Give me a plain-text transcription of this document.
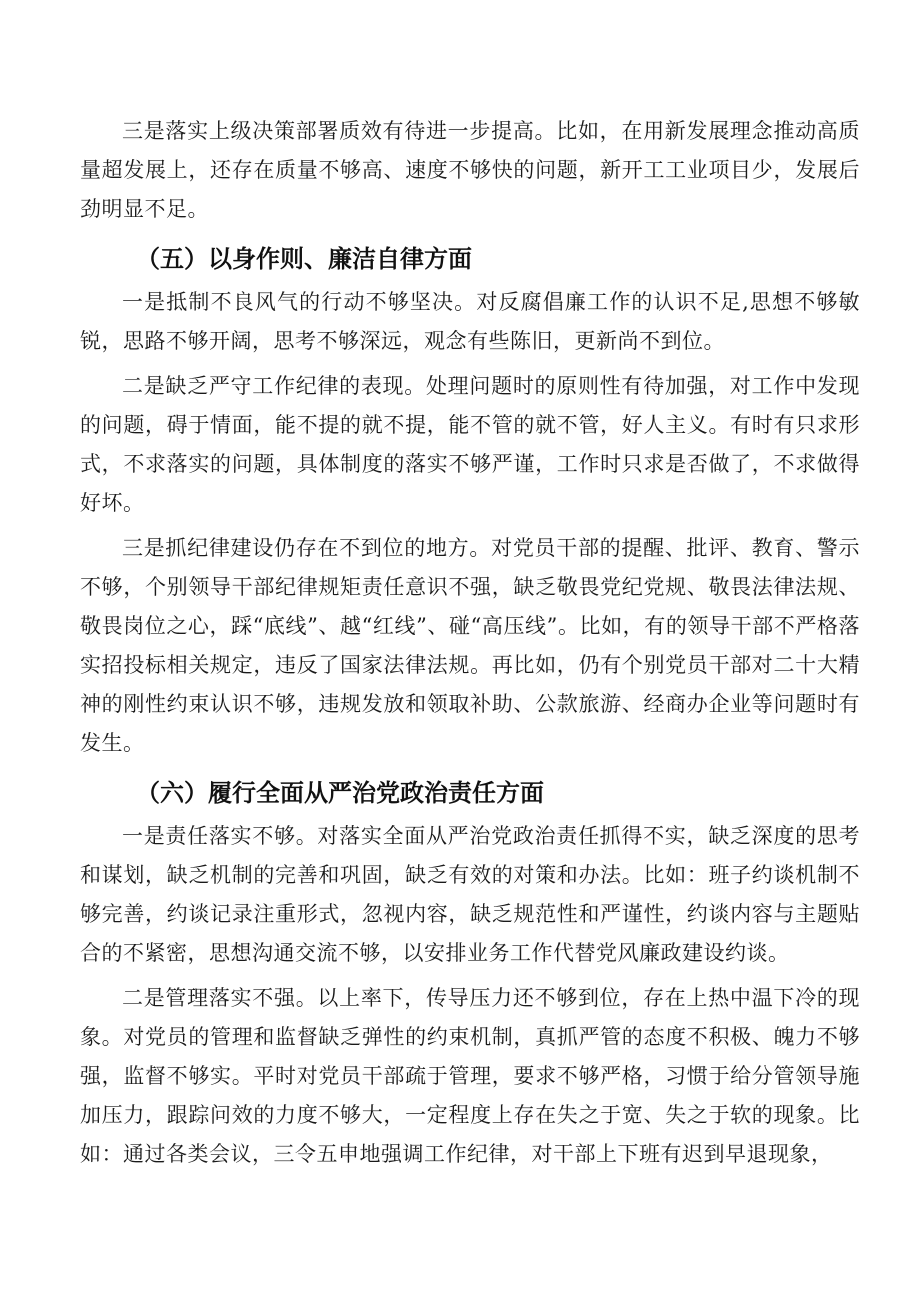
三是落实上级决策部署质效有待进一步提高。比如，在用新发展理念推动高质量超发展上，还存在质量不够高、速度不够快的问题，新开工工业项目少，发展后劲明显不足。

（五）以身作则、廉洁自律方面

一是抵制不良风气的行动不够坚决。对反腐倡廉工作的认识不足,思想不够敏锐，思路不够开阔，思考不够深远，观念有些陈旧，更新尚不到位。

二是缺乏严守工作纪律的表现。处理问题时的原则性有待加强，对工作中发现的问题，碍于情面，能不提的就不提，能不管的就不管，好人主义。有时有只求形式，不求落实的问题，具体制度的落实不够严谨，工作时只求是否做了，不求做得好坏。

三是抓纪律建设仍存在不到位的地方。对党员干部的提醒、批评、教育、警示不够，个别领导干部纪律规矩责任意识不强，缺乏敬畏党纪党规、敬畏法律法规、敬畏岗位之心，踩“底线”、越“红线”、碰“高压线”。比如，有的领导干部不严格落实招投标相关规定，违反了国家法律法规。再比如，仍有个别党员干部对二十大精神的刚性约束认识不够，违规发放和领取补助、公款旅游、经商办企业等问题时有发生。

（六）履行全面从严治党政治责任方面

一是责任落实不够。对落实全面从严治党政治责任抓得不实，缺乏深度的思考和谋划，缺乏机制的完善和巩固，缺乏有效的对策和办法。比如：班子约谈机制不够完善，约谈记录注重形式，忽视内容，缺乏规范性和严谨性，约谈内容与主题贴合的不紧密，思想沟通交流不够，以安排业务工作代替党风廉政建设约谈。

二是管理落实不强。以上率下，传导压力还不够到位，存在上热中温下冷的现象。对党员的管理和监督缺乏弹性的约束机制，真抓严管的态度不积极、魄力不够强，监督不够实。平时对党员干部疏于管理，要求不够严格，习惯于给分管领导施加压力，跟踪问效的力度不够大，一定程度上存在失之于宽、失之于软的现象。比如：通过各类会议，三令五申地强调工作纪律，对干部上下班有迟到早退现象，
